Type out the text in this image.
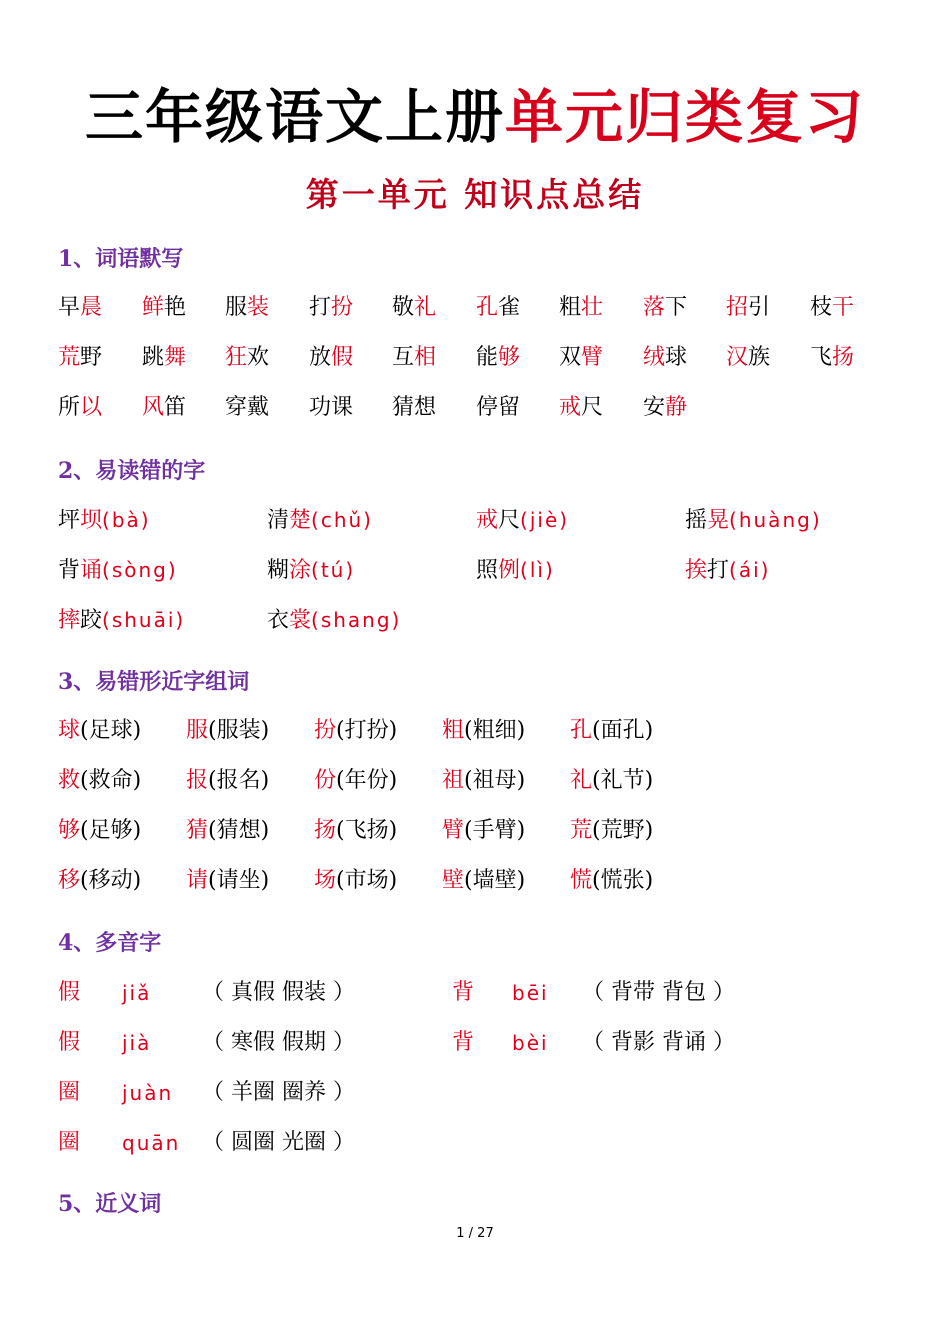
三年级语文上册单元归类复习
第一单元 知识点总结
1、词语默写
早晨 鲜艳 服装 打扮 敬礼 孔雀 粗壮 落下 招引 枝干
荒野 跳舞 狂欢 放假 互相 能够 双臂 绒球 汉族 飞扬
所以 风笛 穿戴 功课 猜想 停留 戒尺 安静
2、易读错的字
坪坝(bà)	清楚(chǔ)	戒尺(jiè)	摇晃(huàng)
背诵(sòng)	糊涂(tú)	照例(lì)	挨打(ái)
摔跤(shuāi)	衣裳(shang)
3、易错形近字组词
球(足球) 服(服装) 扮(打扮) 粗(粗细) 孔(面孔)
救(救命) 报(报名) 份(年份) 祖(祖母) 礼(礼节)
够(足够) 猜(猜想) 扬(飞扬) 臂(手臂) 荒(荒野)
移(移动) 请(请坐) 场(市场) 壁(墙壁) 慌(慌张)
4、多音字
假 jiǎ （ 真假 假装 ）	背 bēi （ 背带 背包 ）
假 jià （ 寒假 假期 ）	背 bèi （ 背影 背诵 ）
圈 juàn （ 羊圈 圈养 ）
圈 quān （ 圆圈 光圈 ）
5、近义词
1 / 27
